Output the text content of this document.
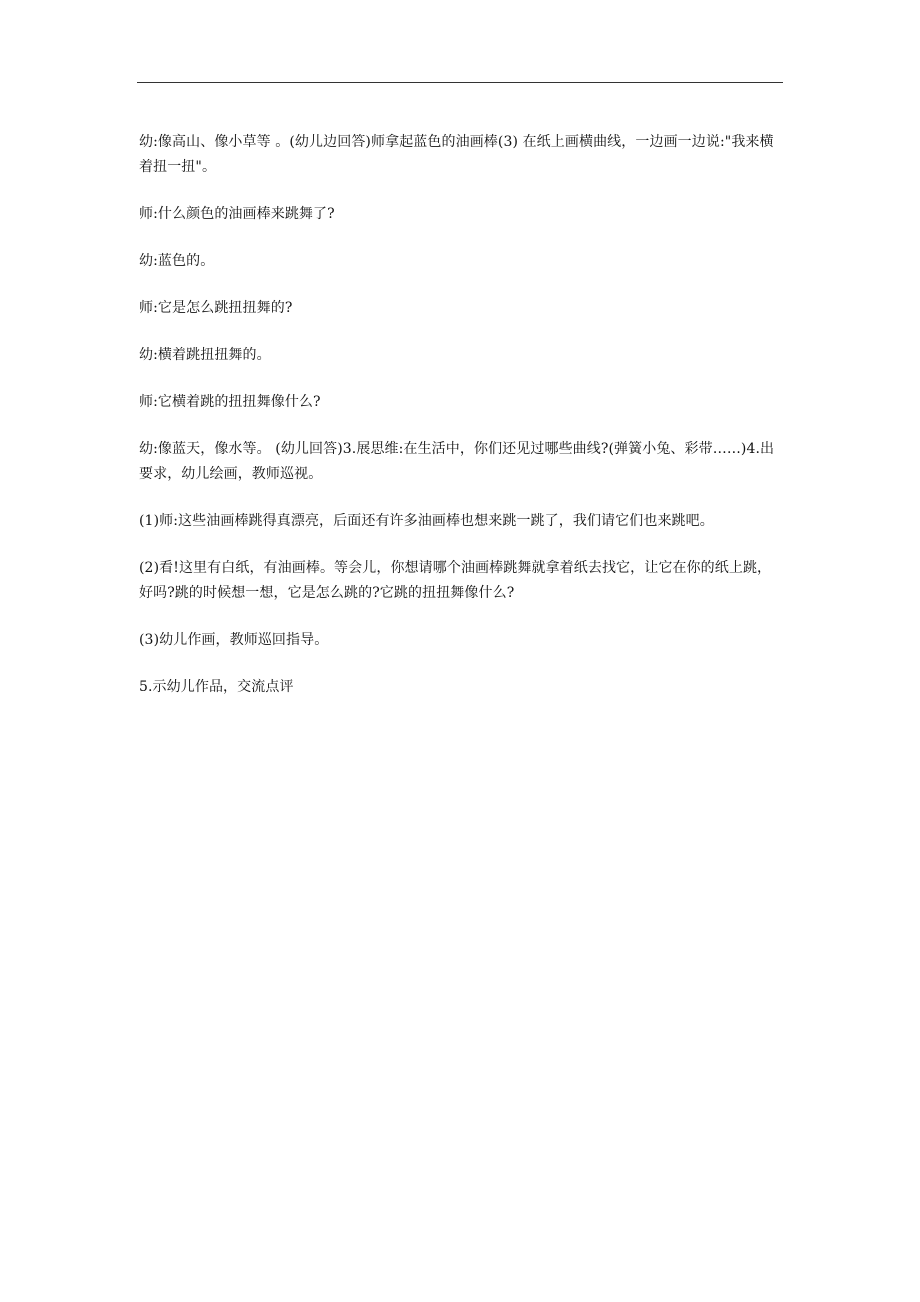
幼:像高山、像小草等 。(幼儿边回答)师拿起蓝色的油画棒(3) 在纸上画横曲线，一边画一边说:"我来横着扭一扭"。

师:什么颜色的油画棒来跳舞了?

幼:蓝色的。

师:它是怎么跳扭扭舞的?

幼:横着跳扭扭舞的。

师:它横着跳的扭扭舞像什么?

幼:像蓝天，像水等。 (幼儿回答)3.展思维:在生活中，你们还见过哪些曲线?(弹簧小兔、彩带……)4.出要求，幼儿绘画，教师巡视。

(1)师:这些油画棒跳得真漂亮，后面还有许多油画棒也想来跳一跳了，我们请它们也来跳吧。

(2)看!这里有白纸，有油画棒。等会儿，你想请哪个油画棒跳舞就拿着纸去找它，让它在你的纸上跳，好吗?跳的时候想一想，它是怎么跳的?它跳的扭扭舞像什么?

(3)幼儿作画，教师巡回指导。

5.示幼儿作品，交流点评
